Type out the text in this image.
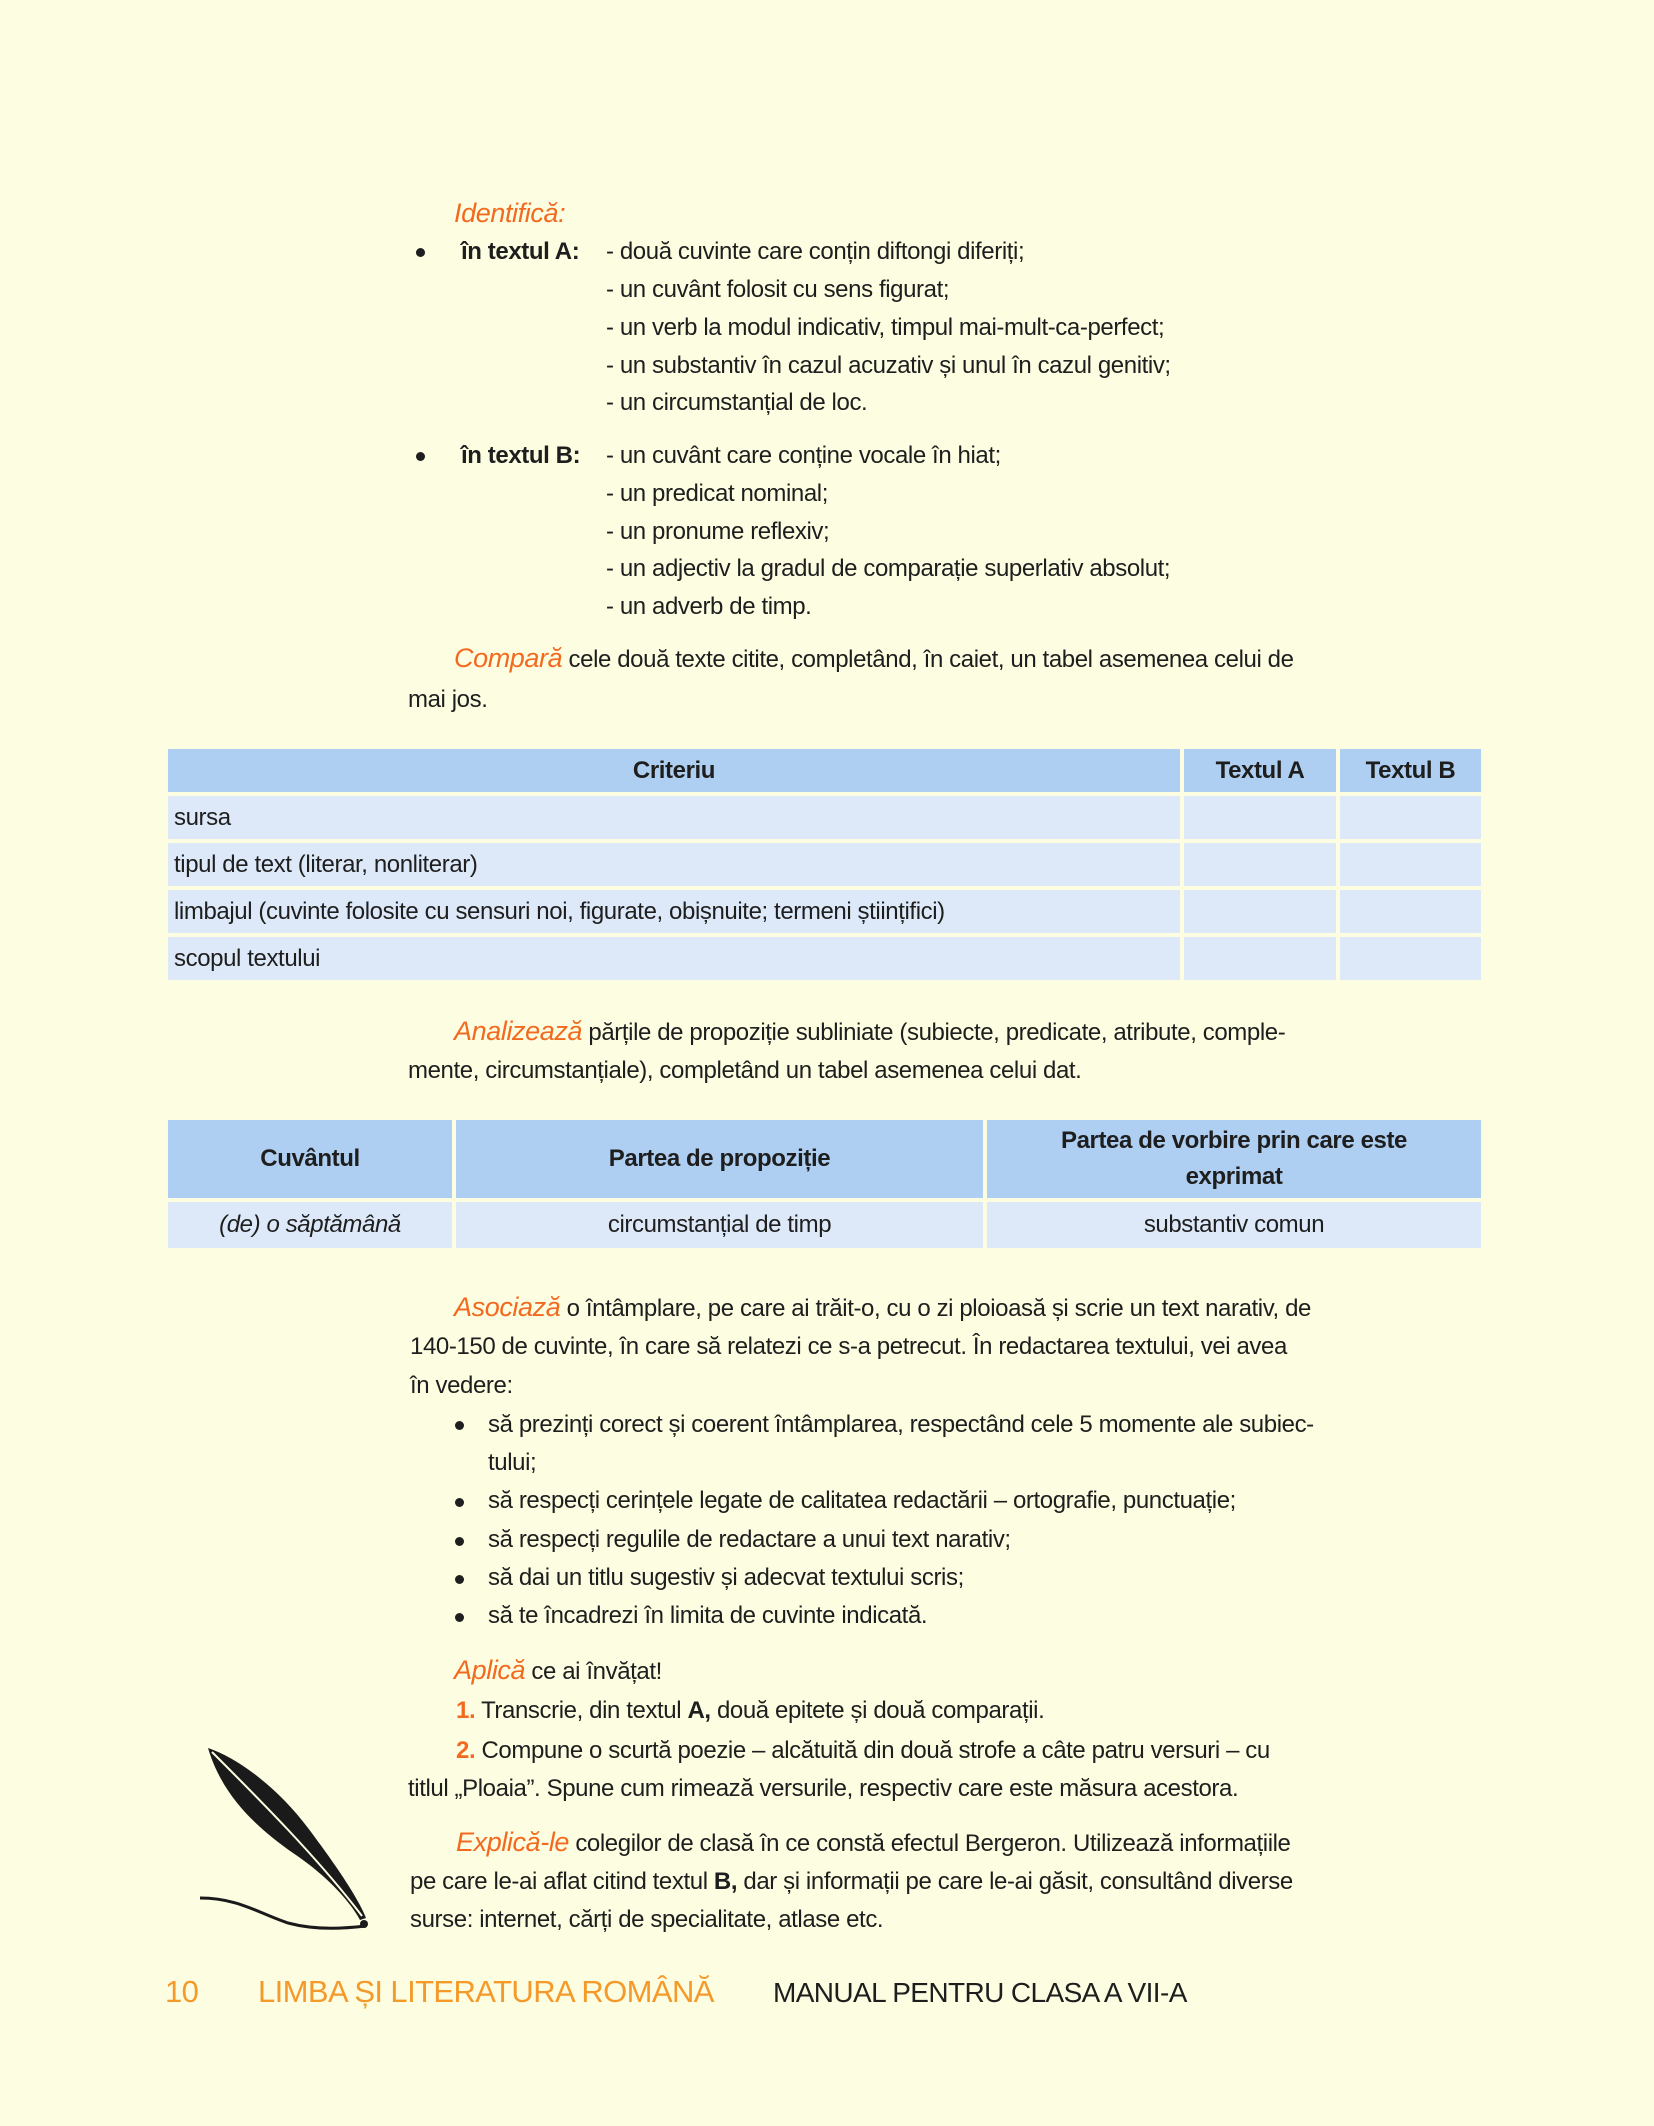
Identifică:
în textul A: - două cuvinte care conțin diftongi diferiți;
- un cuvânt folosit cu sens figurat;
- un verb la modul indicativ, timpul mai-mult-ca-perfect;
- un substantiv în cazul acuzativ și unul în cazul genitiv;
- un circumstanțial de loc.
în textul B: - un cuvânt care conține vocale în hiat;
- un predicat nominal;
- un pronume reflexiv;
- un adjectiv la gradul de comparație superlativ absolut;
- un adverb de timp.
Compară cele două texte citite, completând, în caiet, un tabel asemenea celui de
mai jos.
Criteriu	Textul A	Textul B
sursa		
tipul de text (literar, nonliterar)		
limbajul (cuvinte folosite cu sensuri noi, figurate, obișnuite; termeni științifici)		
scopul textului		
Analizează părțile de propoziție subliniate (subiecte, predicate, atribute, comple-
mente, circumstanțiale), completând un tabel asemenea celui dat.
Cuvântul	Partea de propoziție	Partea de vorbire prin care este exprimat
(de) o săptămână	circumstanțial de timp	substantiv comun
Asociază o întâmplare, pe care ai trăit-o, cu o zi ploioasă și scrie un text narativ, de
140-150 de cuvinte, în care să relatezi ce s-a petrecut. În redactarea textului, vei avea
în vedere:
să prezinți corect și coerent întâmplarea, respectând cele 5 momente ale subiec-
tului;
să respecți cerințele legate de calitatea redactării – ortografie, punctuație;
să respecți regulile de redactare a unui text narativ;
să dai un titlu sugestiv și adecvat textului scris;
să te încadrezi în limita de cuvinte indicată.
Aplică ce ai învățat!
1. Transcrie, din textul A, două epitete și două comparații.
2. Compune o scurtă poezie – alcătuită din două strofe a câte patru versuri – cu
titlul „Ploaia”. Spune cum rimează versurile, respectiv care este măsura acestora.
Explică-le colegilor de clasă în ce constă efectul Bergeron. Utilizează informațiile
pe care le-ai aflat citind textul B, dar și informații pe care le-ai găsit, consultând diverse
surse: internet, cărți de specialitate, atlase etc.
10 LIMBA ȘI LITERATURA ROMÂNĂ MANUAL PENTRU CLASA A VII-A
